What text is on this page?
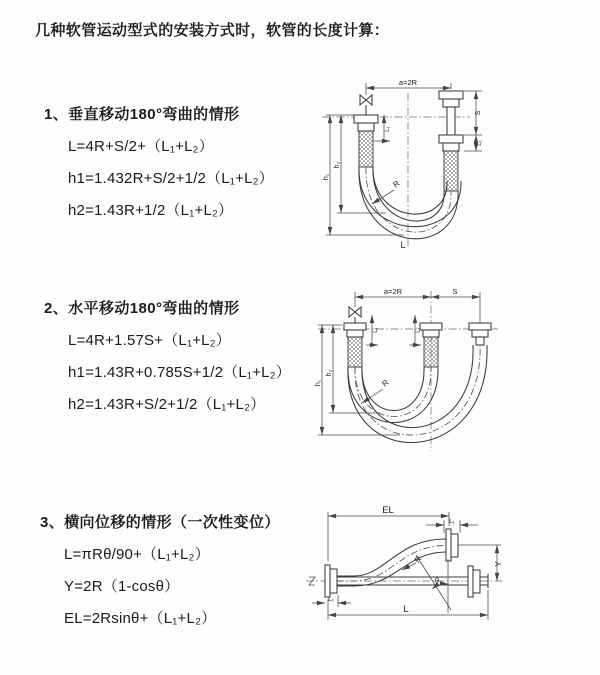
几种软管运动型式的安装方式时，软管的长度计算：
1、垂直移动180°弯曲的情形
L=4R+S/2+（L₁+L₂）
h1=1.432R+S/2+1/2（L₁+L₂）
h2=1.43R+1/2（L₁+L₂）
a=2R
S
L₁
h₁
h₂
L₁
R
L
2、水平移动180°弯曲的情形
L=4R+1.57S+（L₁+L₂）
h1=1.43R+0.785S+1/2（L₁+L₂）
h2=1.43R+S/2+1/2（L₁+L₂）
a=2R	S
h₁
h₂
L₁	L₁
R
3、横向位移的情形（一次性变位）
L=πRθ/90+（L₁+L₂）
Y=2R（1-cosθ）
EL=2Rsinθ+（L₁+L₂）
EL
L₁
Y
L
L₁
θ
R
